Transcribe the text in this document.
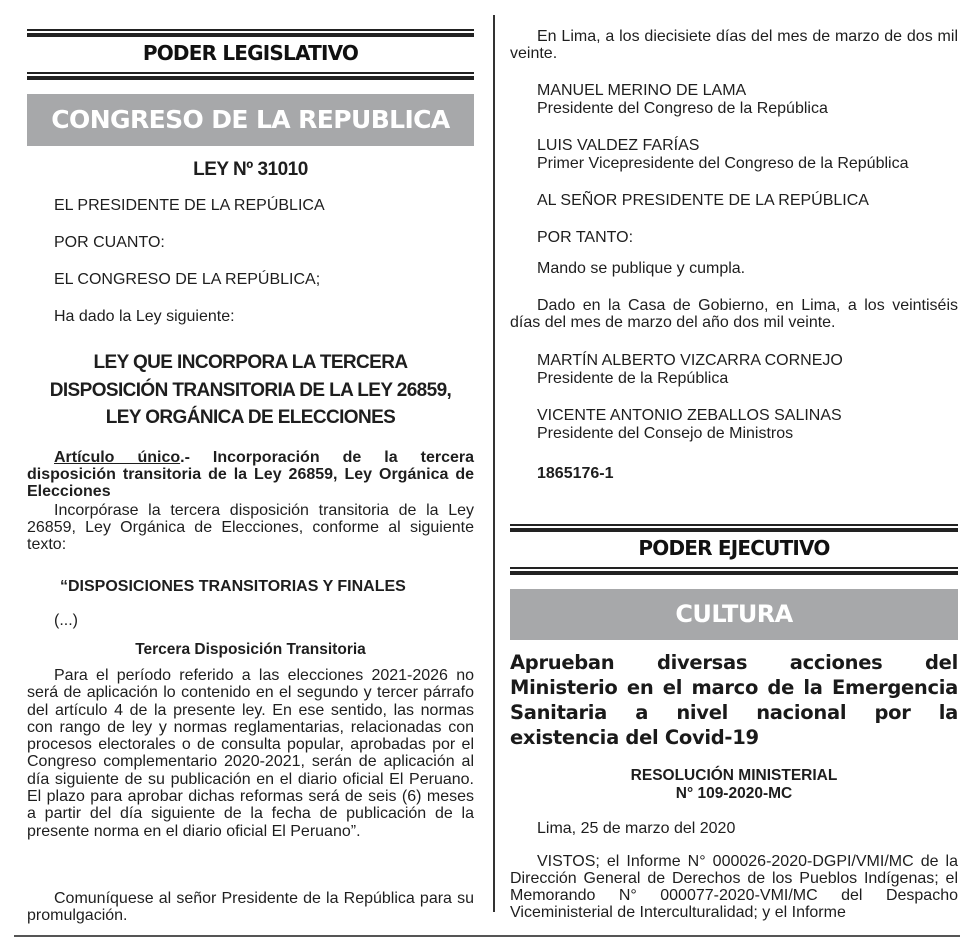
PODER LEGISLATIVO
CONGRESO DE LA REPUBLICA
LEY Nº 31010
EL PRESIDENTE DE LA REPÚBLICA
POR CUANTO:
EL CONGRESO DE LA REPÚBLICA;
Ha dado la Ley siguiente:
LEY QUE INCORPORA LA TERCERA
DISPOSICIÓN TRANSITORIA DE LA LEY 26859,
LEY ORGÁNICA DE ELECCIONES
Artículo único.- Incorporación de la tercera disposición transitoria de la Ley 26859, Ley Orgánica de Elecciones
Incorpórase la tercera disposición transitoria de la Ley 26859, Ley Orgánica de Elecciones, conforme al siguiente texto:
“DISPOSICIONES TRANSITORIAS Y FINALES
(...)
Tercera Disposición Transitoria
Para el período referido a las elecciones 2021-2026 no será de aplicación lo contenido en el segundo y tercer párrafo del artículo 4 de la presente ley. En ese sentido, las normas con rango de ley y normas reglamentarias, relacionadas con procesos electorales o de consulta popular, aprobadas por el Congreso complementario 2020-2021, serán de aplicación al día siguiente de su publicación en el diario oficial El Peruano. El plazo para aprobar dichas reformas será de seis (6) meses a partir del día siguiente de la fecha de publicación de la presente norma en el diario oficial El Peruano”.
Comuníquese al señor Presidente de la República para su promulgación.
En Lima, a los diecisiete días del mes de marzo de dos mil veinte.
MANUEL MERINO DE LAMA
Presidente del Congreso de la República
LUIS VALDEZ FARÍAS
Primer Vicepresidente del Congreso de la República
AL SEÑOR PRESIDENTE DE LA REPÚBLICA
POR TANTO:
Mando se publique y cumpla.
Dado en la Casa de Gobierno, en Lima, a los veintiséis días del mes de marzo del año dos mil veinte.
MARTÍN ALBERTO VIZCARRA CORNEJO
Presidente de la República
VICENTE ANTONIO ZEBALLOS SALINAS
Presidente del Consejo de Ministros
1865176-1
PODER EJECUTIVO
CULTURA
Aprueban diversas acciones del Ministerio en el marco de la Emergencia Sanitaria a nivel nacional por la existencia del Covid-19
RESOLUCIÓN MINISTERIAL
N° 109-2020-MC
Lima, 25 de marzo del 2020
VISTOS; el Informe N° 000026-2020-DGPI/VMI/MC de la Dirección General de Derechos de los Pueblos Indígenas; el Memorando N° 000077-2020-VMI/MC del Despacho Viceministerial de Interculturalidad; y el Informe
